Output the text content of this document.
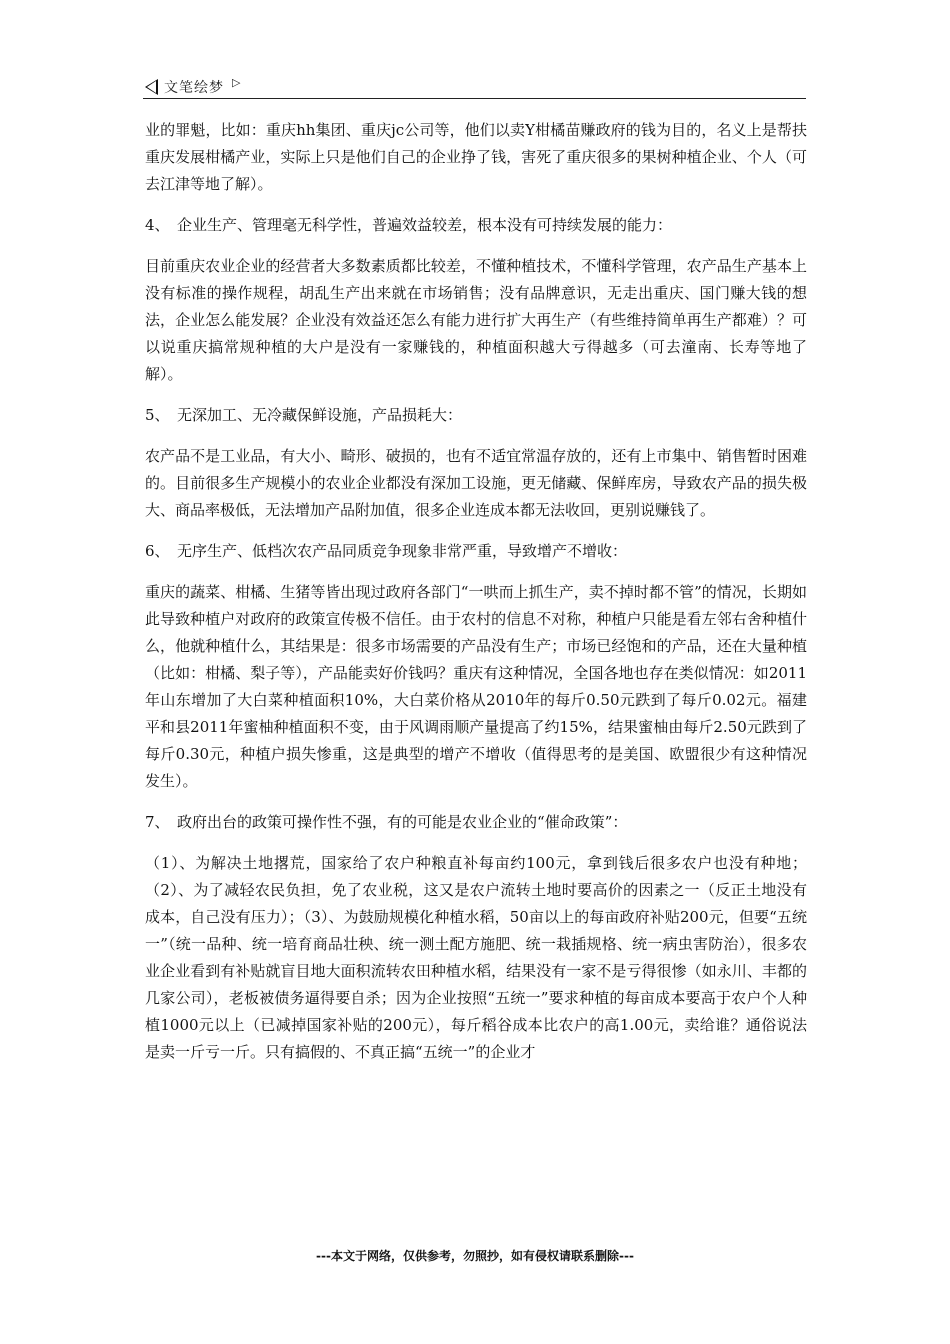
文笔绘梦 ▷

业的罪魁，比如：重庆hh集团、重庆jc公司等，他们以卖Y柑橘苗赚政府的钱为目的，名义上是帮扶重庆发展柑橘产业，实际上只是他们自己的企业挣了钱，害死了重庆很多的果树种植企业、个人（可去江津等地了解）。

4、　企业生产、管理毫无科学性，普遍效益较差，根本没有可持续发展的能力：

目前重庆农业企业的经营者大多数素质都比较差，不懂种植技术，不懂科学管理，农产品生产基本上没有标准的操作规程，胡乱生产出来就在市场销售；没有品牌意识，无走出重庆、国门赚大钱的想法，企业怎么能发展？企业没有效益还怎么有能力进行扩大再生产（有些维持简单再生产都难）？可以说重庆搞常规种植的大户是没有一家赚钱的，种植面积越大亏得越多（可去潼南、长寿等地了解）。

5、　无深加工、无冷藏保鲜设施，产品损耗大：

农产品不是工业品，有大小、畸形、破损的，也有不适宜常温存放的，还有上市集中、销售暂时困难的。目前很多生产规模小的农业企业都没有深加工设施，更无储藏、保鲜库房，导致农产品的损失极大、商品率极低，无法增加产品附加值，很多企业连成本都无法收回，更别说赚钱了。

6、　无序生产、低档次农产品同质竞争现象非常严重，导致增产不增收：

重庆的蔬菜、柑橘、生猪等皆出现过政府各部门“一哄而上抓生产，卖不掉时都不管”的情况，长期如此导致种植户对政府的政策宣传极不信任。由于农村的信息不对称，种植户只能是看左邻右舍种植什么，他就种植什么，其结果是：很多市场需要的产品没有生产；市场已经饱和的产品，还在大量种植（比如：柑橘、梨子等），产品能卖好价钱吗？重庆有这种情况，全国各地也存在类似情况：如2011年山东增加了大白菜种植面积10%，大白菜价格从2010年的每斤0.50元跌到了每斤0.02元。福建平和县2011年蜜柚种植面积不变，由于风调雨顺产量提高了约15%，结果蜜柚由每斤2.50元跌到了每斤0.30元，种植户损失惨重，这是典型的增产不增收（值得思考的是美国、欧盟很少有这种情况发生）。

7、　政府出台的政策可操作性不强，有的可能是农业企业的“催命政策”：

（1）、为解决土地撂荒，国家给了农户种粮直补每亩约100元，拿到钱后很多农户也没有种地；（2）、为了减轻农民负担，免了农业税，这又是农户流转土地时要高价的因素之一（反正土地没有成本，自己没有压力）；（3）、为鼓励规模化种植水稻，50亩以上的每亩政府补贴200元，但要“五统一”（统一品种、统一培育商品壮秧、统一测土配方施肥、统一栽插规格、统一病虫害防治），很多农业企业看到有补贴就盲目地大面积流转农田种植水稻，结果没有一家不是亏得很惨（如永川、丰都的几家公司），老板被债务逼得要自杀；因为企业按照“五统一”要求种植的每亩成本要高于农户个人种植1000元以上（已减掉国家补贴的200元），每斤稻谷成本比农户的高1.00元，卖给谁？通俗说法是卖一斤亏一斤。只有搞假的、不真正搞“五统一”的企业才

---本文于网络，仅供参考，勿照抄，如有侵权请联系删除---
